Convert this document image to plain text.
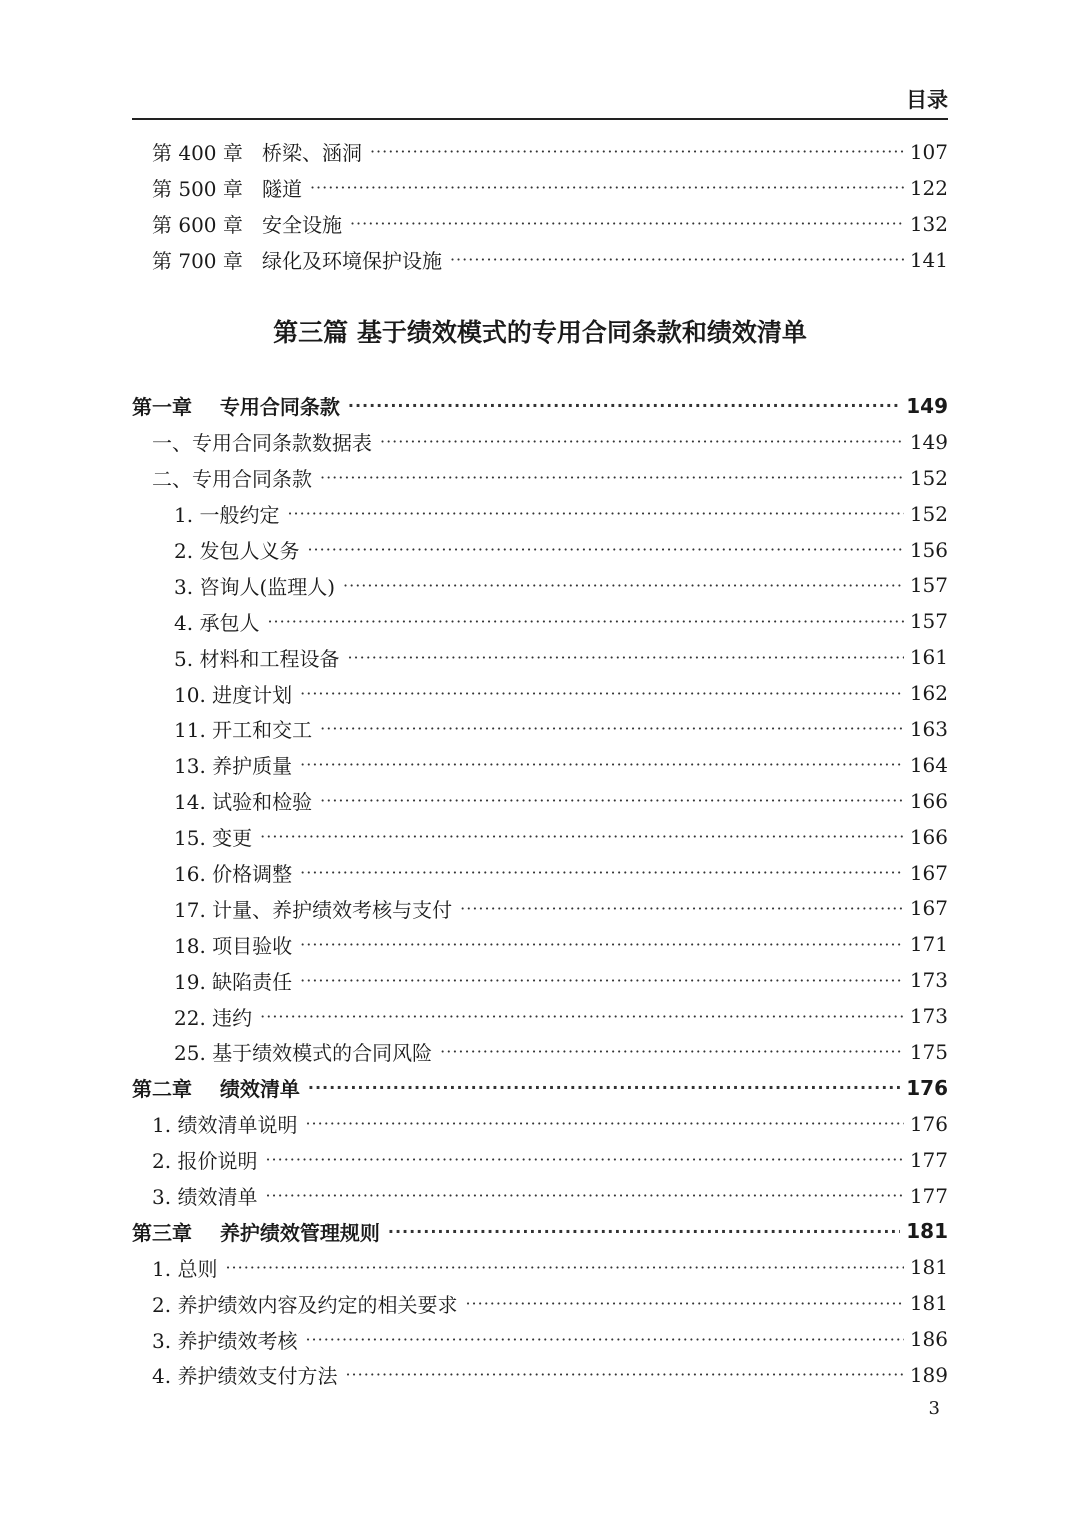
目录
第 400 章   桥梁、涵洞 ·····	107
第 500 章   隧道 ·····	122
第 600 章   安全设施 ·····	132
第 700 章   绿化及环境保护设施 ·····	141
第三篇 基于绩效模式的专用合同条款和绩效清单
第一章    专用合同条款 ·····	149
一、专用合同条款数据表 ·····	149
二、专用合同条款 ·····	152
1. 一般约定 ·····	152
2. 发包人义务 ·····	156
3. 咨询人(监理人) ·····	157
4. 承包人 ·····	157
5. 材料和工程设备 ·····	161
10. 进度计划 ·····	162
11. 开工和交工 ·····	163
13. 养护质量 ·····	164
14. 试验和检验 ·····	166
15. 变更 ·····	166
16. 价格调整 ·····	167
17. 计量、养护绩效考核与支付 ·····	167
18. 项目验收 ·····	171
19. 缺陷责任 ·····	173
22. 违约 ·····	173
25. 基于绩效模式的合同风险 ·····	175
第二章    绩效清单 ·····	176
1. 绩效清单说明 ·····	176
2. 报价说明 ·····	177
3. 绩效清单 ·····	177
第三章    养护绩效管理规则 ·····	181
1. 总则 ·····	181
2. 养护绩效内容及约定的相关要求 ·····	181
3. 养护绩效考核 ·····	186
4. 养护绩效支付方法 ·····	189
3
